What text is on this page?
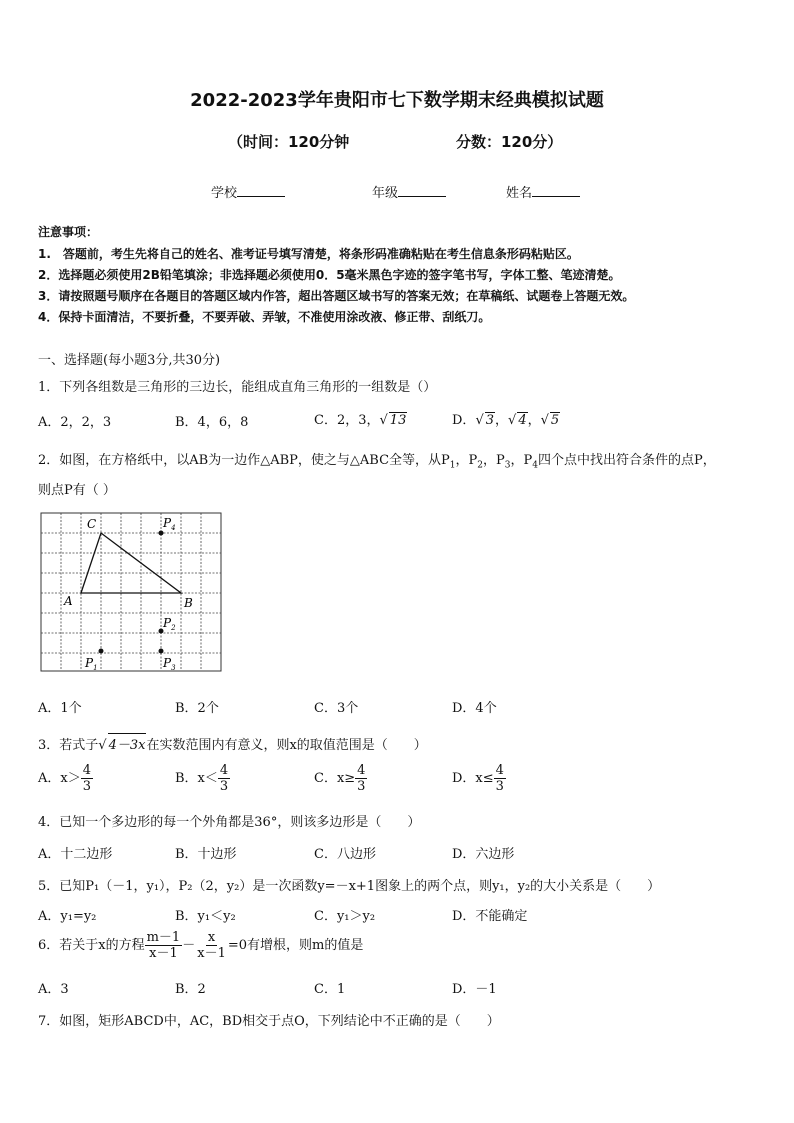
2022-2023学年贵阳市七下数学期末经典模拟试题
（时间：120分钟	分数：120分）
学校	年级	姓名
注意事项：
1.　答题前，考生先将自己的姓名、准考证号填写清楚，将条形码准确粘贴在考生信息条形码粘贴区。
2．选择题必须使用2B铅笔填涂；非选择题必须使用0．5毫米黑色字迹的签字笔书写，字体工整、笔迹清楚。
3．请按照题号顺序在各题目的答题区域内作答，超出答题区域书写的答案无效；在草稿纸、试题卷上答题无效。
4．保持卡面清洁，不要折叠，不要弄破、弄皱，不准使用涂改液、修正带、刮纸刀。
一、选择题(每小题3分,共30分)
1．下列各组数是三角形的三边长，能组成直角三角形的一组数是（）
A．2，2，3	B．4，6，8	C．2，3，√ 13	D．√ 3，√ 4，√ 5
2．如图，在方格纸中，以AB为一边作△ABP，使之与△ABC全等，从$P_1$，$P_2$，$P_3$，$P_4$四个点中找出符合条件的点P，
则点P有（ ）
C
A	B
$P_4$
$P_2$
$P_1$	$P_3$
A．1个	B．2个	C．3个	D．4个
3．若式子√ 4－3x在实数范围内有意义，则x的取值范围是（　　）
A．$x> \frac{4}{3}$	B．$x< \frac{4}{3}$	C．$x\ge \frac{4}{3}$	D．$x\le \frac{4}{3}$
4．已知一个多边形的每一个外角都是36°，则该多边形是（　　）
A．十二边形	B．十边形	C．八边形	D．六边形
5．已知P₁（－1，y₁），P₂（2，y₂）是一次函数y=－x+1图象上的两个点，则y₁，y₂的大小关系是（　　）
A．y₁=y₂	B．y₁＜y₂	C．y₁＞y₂	D．不能确定
6．若关于x的方程 $\frac{m-1}{x-1} - \frac{x}{x-1} =0$有增根，则m的值是
A．3	B．2	C．1	D．－1
7．如图，矩形ABCD中，AC，BD相交于点O，下列结论中不正确的是（　　）
